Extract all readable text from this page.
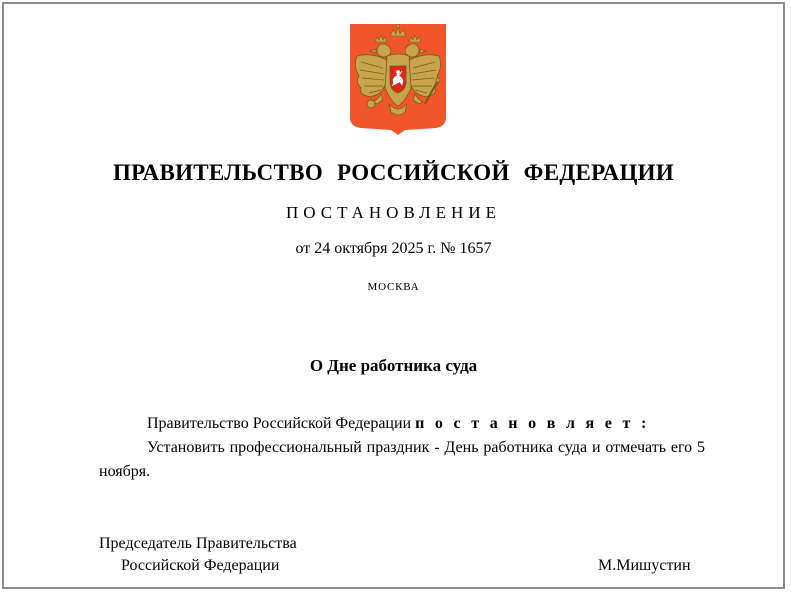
ПРАВИТЕЛЬСТВО РОССИЙСКОЙ ФЕДЕРАЦИИ
ПОСТАНОВЛЕНИЕ
от 24 октября 2025 г. № 1657
МОСКВА
О Дне работника суда

Правительство Российской Федерации п о с т а н о в л я е т :

Установить профессиональный праздник - День работника суда и отмечать его 5 ноября.

Председатель Правительства
Российской Федерации	М.Мишустин
